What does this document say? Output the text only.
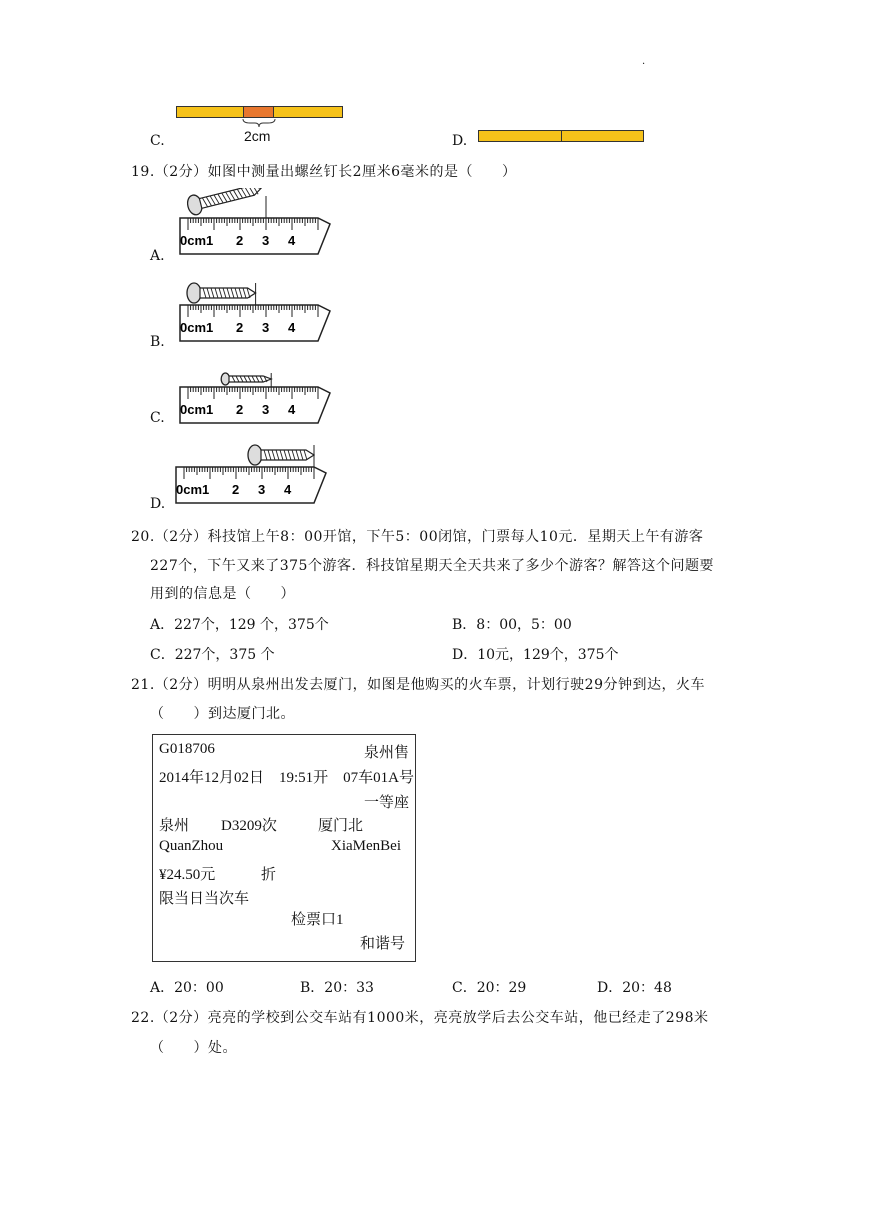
.
C.	2cm	D.
19.（2分）如图中测量出螺丝钉长2厘米6毫米的是（　　）
0cm1 2 3 4
0cm1 2 3 4
0cm1 2 3 4
0cm1 2 3 4
A.
B.
C.
D.
20.（2分）科技馆上午8：00开馆，下午5：00闭馆，门票每人10元．星期天上午有游客
227个，下午又来了375个游客．科技馆星期天全天共来了多少个游客？解答这个问题要
用到的信息是（　　）
A．227个，129 个，375个	B．8：00，5：00
C．227个，375 个	D．10元，129个，375个
21.（2分）明明从泉州出发去厦门，如图是他购买的火车票，计划行驶29分钟到达，火车
（　　）到达厦门北。
G018706	泉州售
2014年12月02日　19:51开　07车01A号
一等座
泉州 D3209次	厦门北
QuanZhou	XiaMenBei
¥24.50元	折
限当日当次车
检票口1
和谐号
A．20：00	B．20：33	C．20：29	D．20：48
22.（2分）亮亮的学校到公交车站有1000米，亮亮放学后去公交车站，他已经走了298米
（　　）处。
